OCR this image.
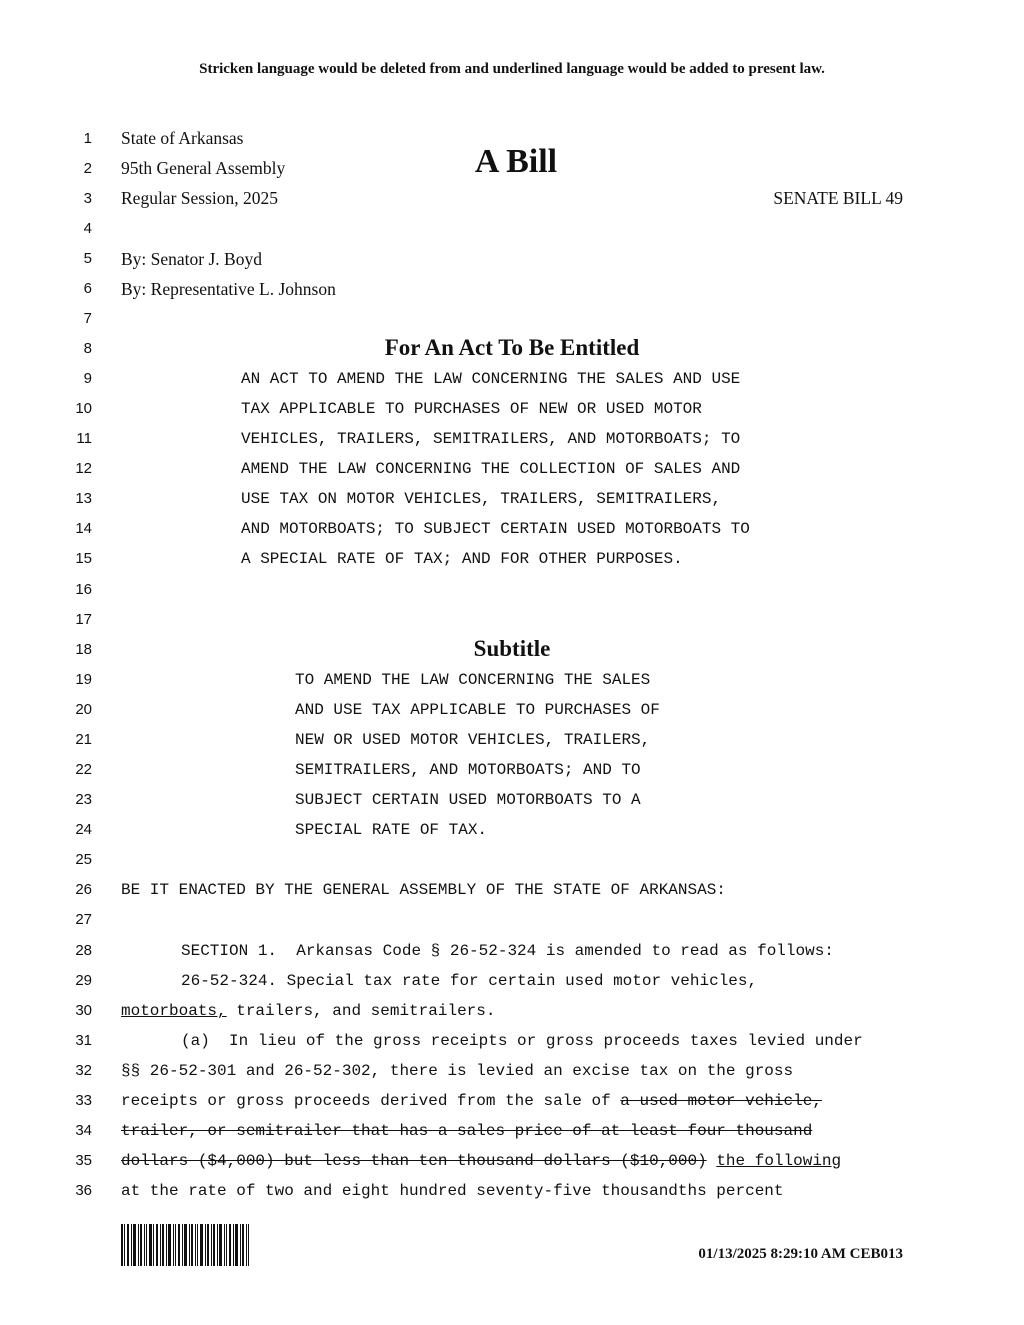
Stricken language would be deleted from and underlined language would be added to present law.
1
2
3
4
5
6
7
8
9
10
11
12
13
14
15
16
17
18
19
20
21
22
23
24
25
26
27
28
29
30
31
32
33
34
35
36
State of Arkansas
95th General Assembly
Regular Session, 2025
A Bill
SENATE BILL 49
By: Senator J. Boyd
By: Representative L. Johnson
For An Act To Be Entitled
AN ACT TO AMEND THE LAW CONCERNING THE SALES AND USE
TAX APPLICABLE TO PURCHASES OF NEW OR USED MOTOR
VEHICLES, TRAILERS, SEMITRAILERS, AND MOTORBOATS; TO
AMEND THE LAW CONCERNING THE COLLECTION OF SALES AND
USE TAX ON MOTOR VEHICLES, TRAILERS, SEMITRAILERS,
AND MOTORBOATS; TO SUBJECT CERTAIN USED MOTORBOATS TO
A SPECIAL RATE OF TAX; AND FOR OTHER PURPOSES.
Subtitle
TO AMEND THE LAW CONCERNING THE SALES
AND USE TAX APPLICABLE TO PURCHASES OF
NEW OR USED MOTOR VEHICLES, TRAILERS,
SEMITRAILERS, AND MOTORBOATS; AND TO
SUBJECT CERTAIN USED MOTORBOATS TO A
SPECIAL RATE OF TAX.
BE IT ENACTED BY THE GENERAL ASSEMBLY OF THE STATE OF ARKANSAS:
SECTION 1.  Arkansas Code § 26-52-324 is amended to read as follows:
26-52-324. Special tax rate for certain used motor vehicles,
motorboats, trailers, and semitrailers.
(a)  In lieu of the gross receipts or gross proceeds taxes levied under
§§ 26-52-301 and 26-52-302, there is levied an excise tax on the gross
receipts or gross proceeds derived from the sale of a used motor vehicle,
trailer, or semitrailer that has a sales price of at least four thousand
dollars ($4,000) but less than ten thousand dollars ($10,000) the following
at the rate of two and eight hundred seventy-five thousandths percent
01/13/2025 8:29:10 AM CEB013
